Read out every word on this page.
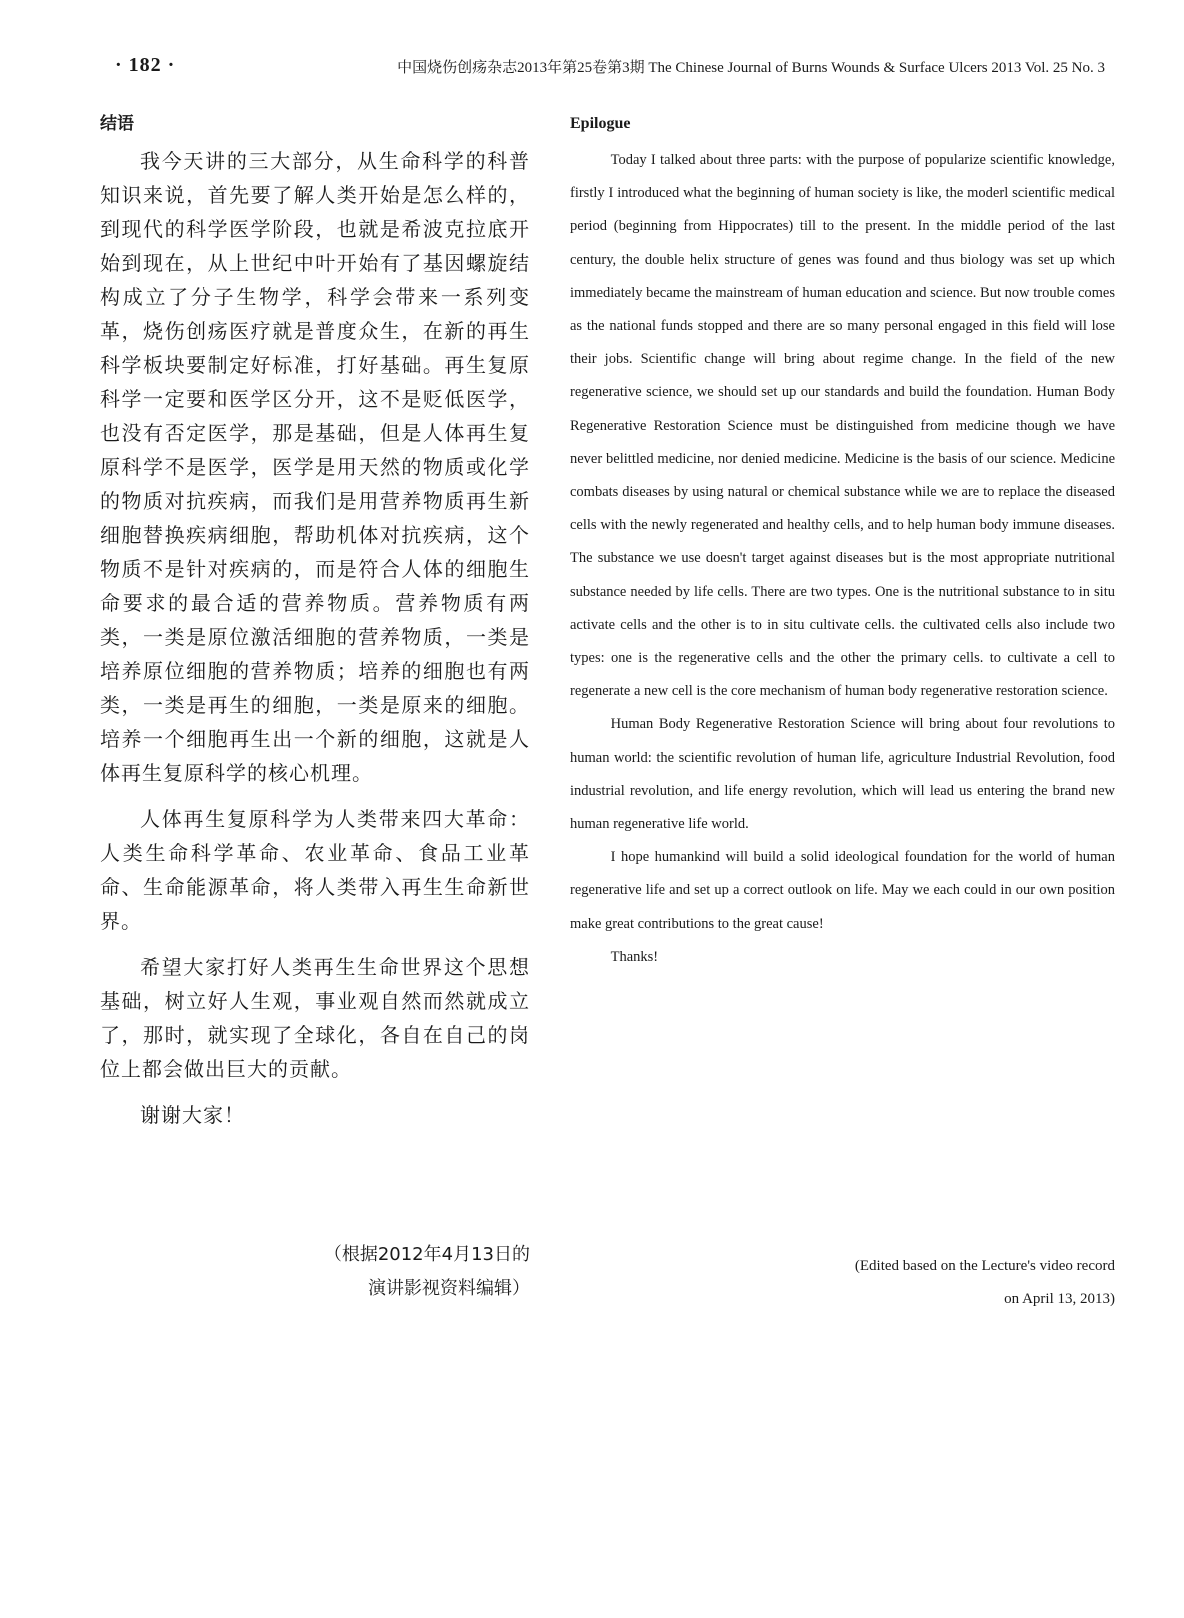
· 182 ·	中国烧伤创疡杂志2013年第25卷第3期 The Chinese Journal of Burns Wounds & Surface Ulcers 2013 Vol. 25 No. 3
结语

我今天讲的三大部分，从生命科学的科普知识来说，首先要了解人类开始是怎么样的，到现代的科学医学阶段，也就是希波克拉底开始到现在，从上世纪中叶开始有了基因螺旋结构成立了分子生物学，科学会带来一系列变革，烧伤创疡医疗就是普度众生，在新的再生科学板块要制定好标准，打好基础。再生复原科学一定要和医学区分开，这不是贬低医学，也没有否定医学，那是基础，但是人体再生复原科学不是医学，医学是用天然的物质或化学的物质对抗疾病，而我们是用营养物质再生新细胞替换疾病细胞，帮助机体对抗疾病，这个物质不是针对疾病的，而是符合人体的细胞生命要求的最合适的营养物质。营养物质有两类，一类是原位激活细胞的营养物质，一类是培养原位细胞的营养物质；培养的细胞也有两类，一类是再生的细胞，一类是原来的细胞。培养一个细胞再生出一个新的细胞，这就是人体再生复原科学的核心机理。

人体再生复原科学为人类带来四大革命：人类生命科学革命、农业革命、食品工业革命、生命能源革命，将人类带入再生生命新世界。

希望大家打好人类再生生命世界这个思想基础，树立好人生观，事业观自然而然就成立了，那时，就实现了全球化，各自在自己的岗位上都会做出巨大的贡献。

谢谢大家！

Epilogue

Today I talked about three parts: with the purpose of popularize scientific knowledge, firstly I introduced what the beginning of human society is like, the moderl scientific medical period (beginning from Hippocrates) till to the present. In the middle period of the last century, the double helix structure of genes was found and thus biology was set up which immediately became the mainstream of human education and science. But now trouble comes as the national funds stopped and there are so many personal engaged in this field will lose their jobs. Scientific change will bring about regime change. In the field of the new regenerative science, we should set up our standards and build the foundation. Human Body Regenerative Restoration Science must be distinguished from medicine though we have never belittled medicine, nor denied medicine. Medicine is the basis of our science. Medicine combats diseases by using natural or chemical substance while we are to replace the diseased cells with the newly regenerated and healthy cells, and to help human body immune diseases. The substance we use doesn't target against diseases but is the most appropriate nutritional substance needed by life cells. There are two types. One is the nutritional substance to in situ activate cells and the other is to in situ cultivate cells. the cultivated cells also include two types: one is the regenerative cells and the other the primary cells. to cultivate a cell to regenerate a new cell is the core mechanism of human body regenerative restoration science.

Human Body Regenerative Restoration Science will bring about four revolutions to human world: the scientific revolution of human life, agriculture Industrial Revolution, food industrial revolution, and life energy revolution, which will lead us entering the brand new human regenerative life world.

I hope humankind will build a solid ideological foundation for the world of human regenerative life and set up a correct outlook on life. May we each could in our own position make great contributions to the great cause!

Thanks!

（根据2012年4月13日的
演讲影视资料编辑）
(Edited based on the Lecture's video record
on April 13, 2013)
